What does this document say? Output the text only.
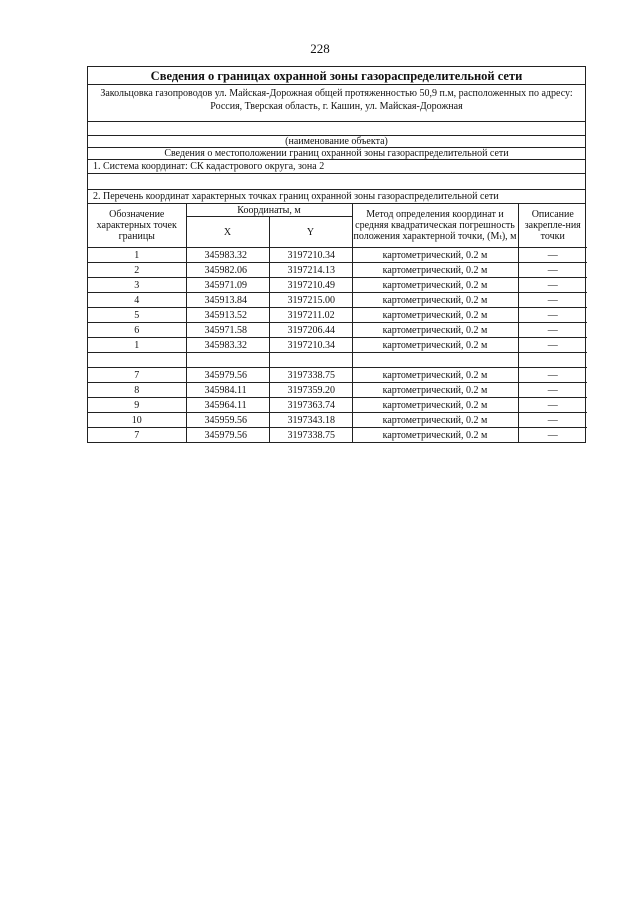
228
Сведения о границах охранной зоны газораспределительной сети
Закольцовка газопроводов ул. Майская-Дорожная общей протяженностью 50,9 п.м, расположенных по адресу: Россия, Тверская область, г. Кашин, ул. Майская-Дорожная
(наименование объекта)
Сведения о местоположении границ охранной зоны газораспределительной сети
1. Система координат: СК кадастрового округа, зона 2
2. Перечень координат характерных точках границ охранной зоны газораспределительной сети
Обозначение характерных точек границы	Координаты, м		Метод определения координат и средняя квадратическая погрешность положения характерной точки, (Mₜ), м	Описание закрепле-ния точки
	X	Y		
1	345983.32	3197210.34	картометрический, 0.2 м	—
2	345982.06	3197214.13	картометрический, 0.2 м	—
3	345971.09	3197210.49	картометрический, 0.2 м	—
4	345913.84	3197215.00	картометрический, 0.2 м	—
5	345913.52	3197211.02	картометрический, 0.2 м	—
6	345971.58	3197206.44	картометрический, 0.2 м	—
1	345983.32	3197210.34	картометрический, 0.2 м	—

7	345979.56	3197338.75	картометрический, 0.2 м	—
8	345984.11	3197359.20	картометрический, 0.2 м	—
9	345964.11	3197363.74	картометрический, 0.2 м	—
10	345959.56	3197343.18	картометрический, 0.2 м	—
7	345979.56	3197338.75	картометрический, 0.2 м	—
